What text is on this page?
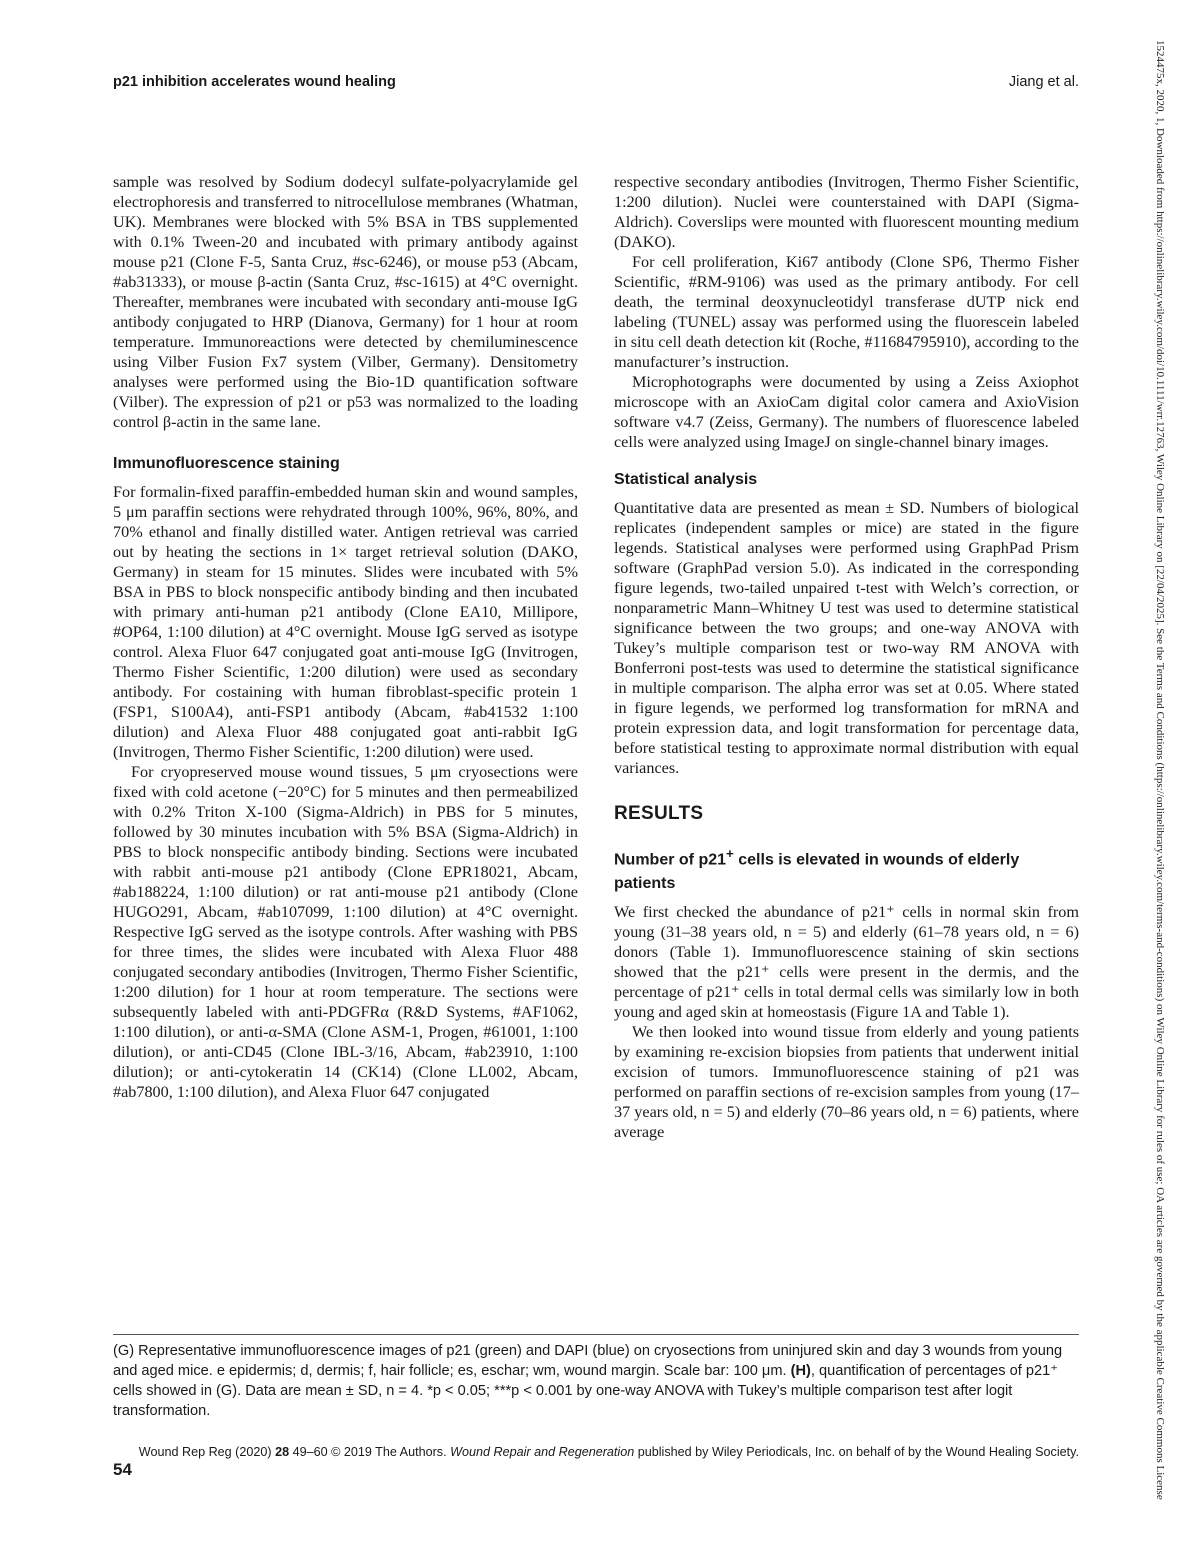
p21 inhibition accelerates wound healing	Jiang et al.

sample was resolved by Sodium dodecyl sulfate-polyacrylamide gel electrophoresis and transferred to nitrocellulose membranes (Whatman, UK). Membranes were blocked with 5% BSA in TBS supplemented with 0.1% Tween-20 and incubated with primary antibody against mouse p21 (Clone F-5, Santa Cruz, #sc-6246), or mouse p53 (Abcam, #ab31333), or mouse β-actin (Santa Cruz, #sc-1615) at 4°C overnight. Thereafter, membranes were incubated with secondary anti-mouse IgG antibody conjugated to HRP (Dianova, Germany) for 1 hour at room temperature. Immunoreactions were detected by chemiluminescence using Vilber Fusion Fx7 system (Vilber, Germany). Densitometry analyses were performed using the Bio-1D quantification software (Vilber). The expression of p21 or p53 was normalized to the loading control β-actin in the same lane.

Immunofluorescence staining

For formalin-fixed paraffin-embedded human skin and wound samples, 5 μm paraffin sections were rehydrated through 100%, 96%, 80%, and 70% ethanol and finally distilled water. Antigen retrieval was carried out by heating the sections in 1× target retrieval solution (DAKO, Germany) in steam for 15 minutes. Slides were incubated with 5% BSA in PBS to block nonspecific antibody binding and then incubated with primary anti-human p21 antibody (Clone EA10, Millipore, #OP64, 1:100 dilution) at 4°C overnight. Mouse IgG served as isotype control. Alexa Fluor 647 conjugated goat anti-mouse IgG (Invitrogen, Thermo Fisher Scientific, 1:200 dilution) were used as secondary antibody. For costaining with human fibroblast-specific protein 1 (FSP1, S100A4), anti-FSP1 antibody (Abcam, #ab41532 1:100 dilution) and Alexa Fluor 488 conjugated goat anti-rabbit IgG (Invitrogen, Thermo Fisher Scientific, 1:200 dilution) were used.

For cryopreserved mouse wound tissues, 5 μm cryosections were fixed with cold acetone (−20°C) for 5 minutes and then permeabilized with 0.2% Triton X-100 (Sigma-Aldrich) in PBS for 5 minutes, followed by 30 minutes incubation with 5% BSA (Sigma-Aldrich) in PBS to block nonspecific antibody binding. Sections were incubated with rabbit anti-mouse p21 antibody (Clone EPR18021, Abcam, #ab188224, 1:100 dilution) or rat anti-mouse p21 antibody (Clone HUGO291, Abcam, #ab107099, 1:100 dilution) at 4°C overnight. Respective IgG served as the isotype controls. After washing with PBS for three times, the slides were incubated with Alexa Fluor 488 conjugated secondary antibodies (Invitrogen, Thermo Fisher Scientific, 1:200 dilution) for 1 hour at room temperature. The sections were subsequently labeled with anti-PDGFRα (R&D Systems, #AF1062, 1:100 dilution), or anti-α-SMA (Clone ASM-1, Progen, #61001, 1:100 dilution), or anti-CD45 (Clone IBL-3/16, Abcam, #ab23910, 1:100 dilution); or anti-cytokeratin 14 (CK14) (Clone LL002, Abcam, #ab7800, 1:100 dilution), and Alexa Fluor 647 conjugated

respective secondary antibodies (Invitrogen, Thermo Fisher Scientific, 1:200 dilution). Nuclei were counterstained with DAPI (Sigma-Aldrich). Coverslips were mounted with fluorescent mounting medium (DAKO).

For cell proliferation, Ki67 antibody (Clone SP6, Thermo Fisher Scientific, #RM-9106) was used as the primary antibody. For cell death, the terminal deoxynucleotidyl transferase dUTP nick end labeling (TUNEL) assay was performed using the fluorescein labeled in situ cell death detection kit (Roche, #11684795910), according to the manufacturer’s instruction.

Microphotographs were documented by using a Zeiss Axiophot microscope with an AxioCam digital color camera and AxioVision software v4.7 (Zeiss, Germany). The numbers of fluorescence labeled cells were analyzed using ImageJ on single-channel binary images.

Statistical analysis

Quantitative data are presented as mean ± SD. Numbers of biological replicates (independent samples or mice) are stated in the figure legends. Statistical analyses were performed using GraphPad Prism software (GraphPad version 5.0). As indicated in the corresponding figure legends, two-tailed unpaired t-test with Welch’s correction, or nonparametric Mann–Whitney U test was used to determine statistical significance between the two groups; and one-way ANOVA with Tukey’s multiple comparison test or two-way RM ANOVA with Bonferroni post-tests was used to determine the statistical significance in multiple comparison. The alpha error was set at 0.05. Where stated in figure legends, we performed log transformation for mRNA and protein expression data, and logit transformation for percentage data, before statistical testing to approximate normal distribution with equal variances.

RESULTS
Number of p21+ cells is elevated in wounds of elderly patients

We first checked the abundance of p21⁺ cells in normal skin from young (31–38 years old, n = 5) and elderly (61–78 years old, n = 6) donors (Table 1). Immunofluorescence staining of skin sections showed that the p21⁺ cells were present in the dermis, and the percentage of p21⁺ cells in total dermal cells was similarly low in both young and aged skin at homeostasis (Figure 1A and Table 1).

We then looked into wound tissue from elderly and young patients by examining re-excision biopsies from patients that underwent initial excision of tumors. Immunofluorescence staining of p21 was performed on paraffin sections of re-excision samples from young (17–37 years old, n = 5) and elderly (70–86 years old, n = 6) patients, where average

(G) Representative immunofluorescence images of p21 (green) and DAPI (blue) on cryosections from uninjured skin and day 3 wounds from young and aged mice. e epidermis; d, dermis; f, hair follicle; es, eschar; wm, wound margin. Scale bar: 100 μm. (H), quantification of percentages of p21⁺ cells showed in (G). Data are mean ± SD, n = 4. *p < 0.05; ***p < 0.001 by one-way ANOVA with Tukey’s multiple comparison test after logit transformation.

Wound Rep Reg (2020) 28 49–60 © 2019 The Authors. Wound Repair and Regeneration published by Wiley Periodicals, Inc. on behalf of by the Wound Healing Society.
54	1524475x, 2020, 1, Downloaded from https://onlinelibrary.wiley.com/doi/10.1111/wrr.12763, Wiley Online Library on [22/04/2025]. See the Terms and Conditions (https://onlinelibrary.wiley.com/terms-and-conditions) on Wiley Online Library for rules of use; OA articles are governed by the applicable Creative Commons License
